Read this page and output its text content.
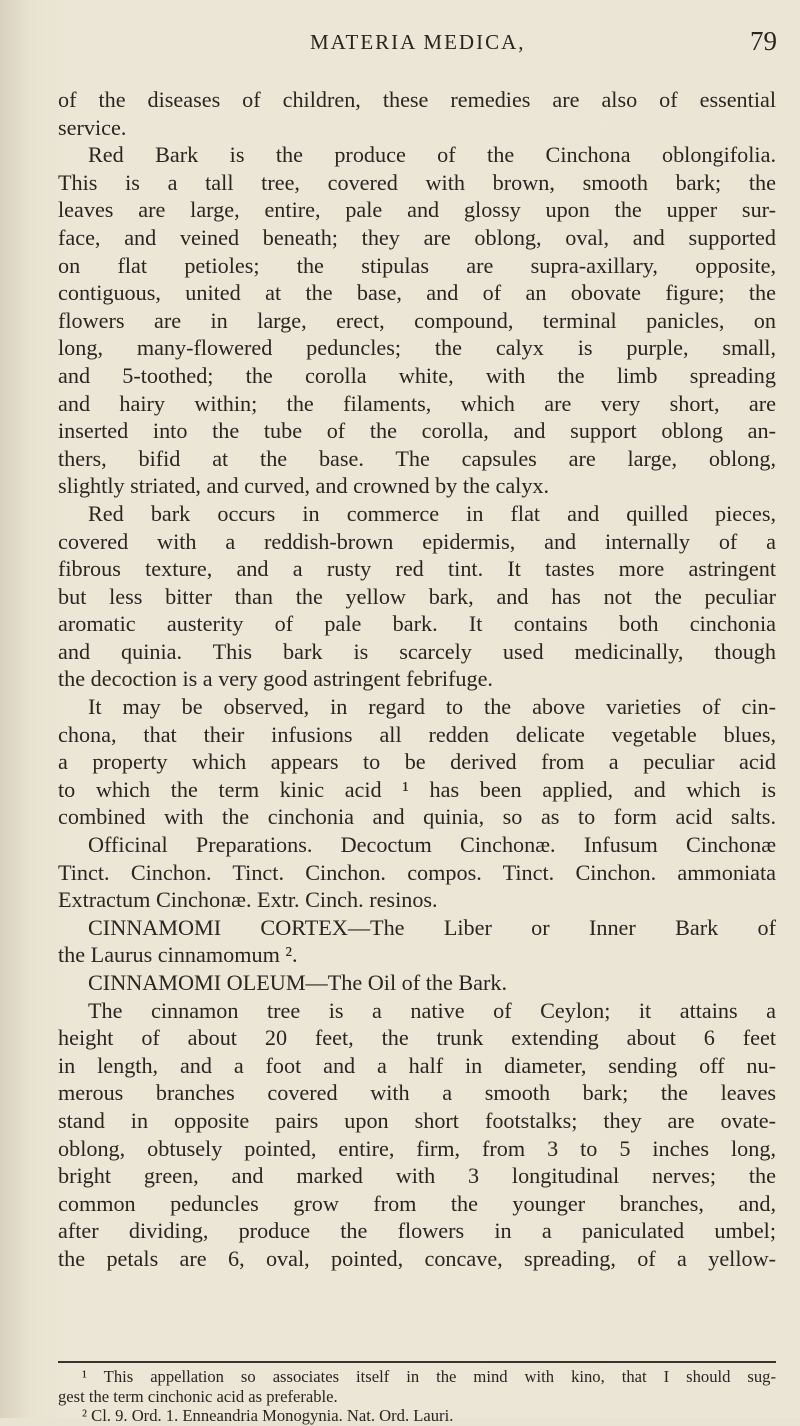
MATERIA MEDICA,	79
of the diseases of children, these remedies are also of essential
service.
Red Bark is the produce of the Cinchona oblongifolia.
This is a tall tree, covered with brown, smooth bark; the
leaves are large, entire, pale and glossy upon the upper sur-
face, and veined beneath; they are oblong, oval, and supported
on flat petioles; the stipulas are supra-axillary, opposite,
contiguous, united at the base, and of an obovate figure; the
flowers are in large, erect, compound, terminal panicles, on
long, many-flowered peduncles; the calyx is purple, small,
and 5-toothed; the corolla white, with the limb spreading
and hairy within; the filaments, which are very short, are
inserted into the tube of the corolla, and support oblong an-
thers, bifid at the base. The capsules are large, oblong,
slightly striated, and curved, and crowned by the calyx.
Red bark occurs in commerce in flat and quilled pieces,
covered with a reddish-brown epidermis, and internally of a
fibrous texture, and a rusty red tint. It tastes more astringent
but less bitter than the yellow bark, and has not the peculiar
aromatic austerity of pale bark. It contains both cinchonia
and quinia. This bark is scarcely used medicinally, though
the decoction is a very good astringent febrifuge.
It may be observed, in regard to the above varieties of cin-
chona, that their infusions all redden delicate vegetable blues,
a property which appears to be derived from a peculiar acid
to which the term kinic acid ¹ has been applied, and which is
combined with the cinchonia and quinia, so as to form acid salts.
Officinal Preparations. Decoctum Cinchonæ. Infusum Cinchonæ
Tinct. Cinchon. Tinct. Cinchon. compos. Tinct. Cinchon. ammoniata
Extractum Cinchonæ. Extr. Cinch. resinos.
CINNAMOMI CORTEX—The Liber or Inner Bark of
the Laurus cinnamomum ².
CINNAMOMI OLEUM—The Oil of the Bark.
The cinnamon tree is a native of Ceylon; it attains a
height of about 20 feet, the trunk extending about 6 feet
in length, and a foot and a half in diameter, sending off nu-
merous branches covered with a smooth bark; the leaves
stand in opposite pairs upon short footstalks; they are ovate-
oblong, obtusely pointed, entire, firm, from 3 to 5 inches long,
bright green, and marked with 3 longitudinal nerves; the
common peduncles grow from the younger branches, and,
after dividing, produce the flowers in a paniculated umbel;
the petals are 6, oval, pointed, concave, spreading, of a yellow-
¹ This appellation so associates itself in the mind with kino, that I should sug-
gest the term cinchonic acid as preferable.
² Cl. 9. Ord. 1. Enneandria Monogynia. Nat. Ord. Lauri.
